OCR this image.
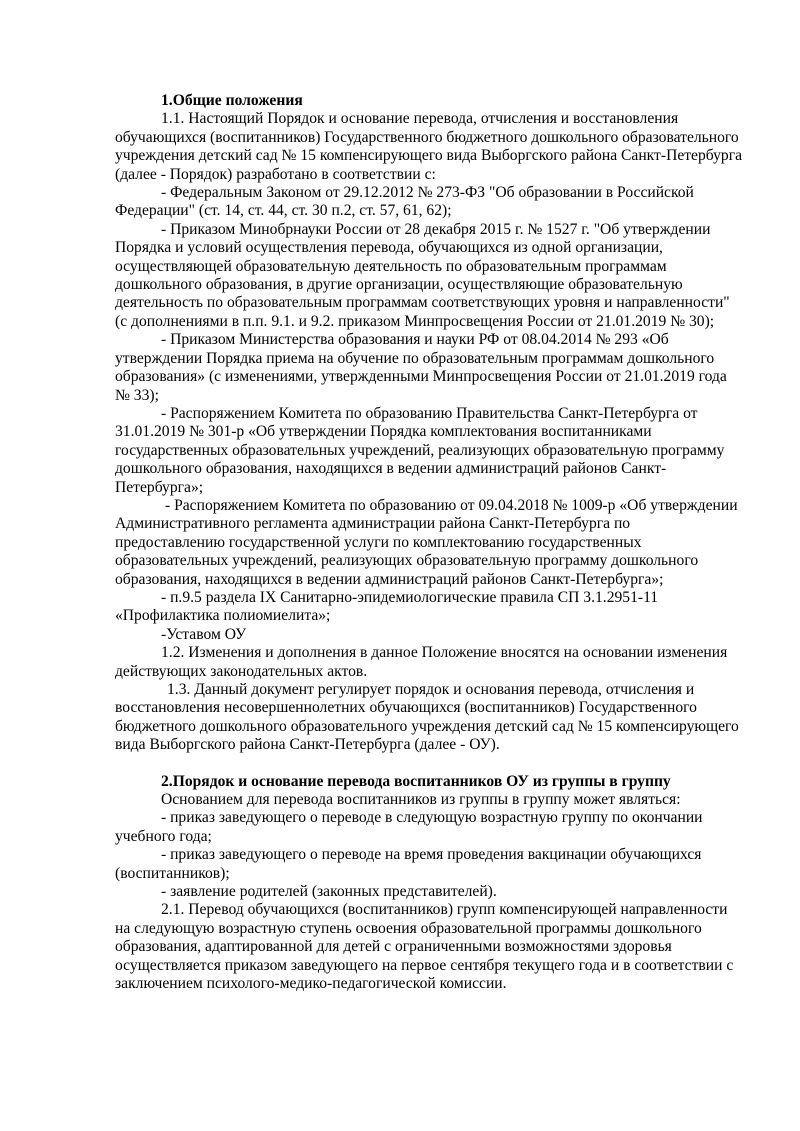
1.Общие положения

1.1. Настоящий Порядок и основание перевода, отчисления и восстановления обучающихся (воспитанников) Государственного бюджетного дошкольного образовательного учреждения детский сад № 15 компенсирующего вида Выборгского района Санкт-Петербурга (далее - Порядок) разработано в соответствии с:

- Федеральным Законом от 29.12.2012 № 273-ФЗ "Об образовании в Российской Федерации" (ст. 14, ст. 44, ст. 30 п.2, ст. 57, 61, 62);

- Приказом Минобрнауки России от 28 декабря 2015 г. № 1527 г. "Об утверждении Порядка и условий осуществления перевода, обучающихся из одной организации, осуществляющей образовательную деятельность по образовательным программам дошкольного образования, в другие организации, осуществляющие образовательную деятельность по образовательным программам соответствующих уровня и направленности" (с дополнениями в п.п. 9.1. и 9.2. приказом Минпросвещения России от 21.01.2019 № 30);

- Приказом Министерства образования и науки РФ от 08.04.2014 № 293 «Об утверждении Порядка приема на обучение по образовательным программам дошкольного образования» (с изменениями, утвержденными Минпросвещения России от 21.01.2019 года № 33);

- Распоряжением Комитета по образованию Правительства Санкт-Петербурга от 31.01.2019 № 301-р «Об утверждении Порядка комплектования воспитанниками государственных образовательных учреждений, реализующих образовательную программу дошкольного образования, находящихся в ведении администраций районов Санкт-Петербурга»;

- Распоряжением Комитета по образованию от 09.04.2018 № 1009-р «Об утверждении Административного регламента администрации района Санкт-Петербурга по предоставлению государственной услуги по комплектованию государственных образовательных учреждений, реализующих образовательную программу дошкольного образования, находящихся в ведении администраций районов Санкт-Петербурга»;

- п.9.5 раздела IX Санитарно-эпидемиологические правила СП 3.1.2951-11 «Профилактика полиомиелита»;

-Уставом ОУ

1.2. Изменения и дополнения в данное Положение вносятся на основании изменения действующих законодательных актов.

1.3. Данный документ регулирует порядок и основания перевода, отчисления и восстановления несовершеннолетних обучающихся (воспитанников) Государственного бюджетного дошкольного образовательного учреждения детский сад № 15 компенсирующего вида Выборгского района Санкт-Петербурга (далее - ОУ).

2.Порядок и основание перевода воспитанников ОУ из группы в группу

Основанием для перевода воспитанников из группы в группу может являться:

- приказ заведующего о переводе в следующую возрастную группу по окончании учебного года;

- приказ заведующего о переводе на время проведения вакцинации обучающихся (воспитанников);

- заявление родителей (законных представителей).

2.1. Перевод обучающихся (воспитанников) групп компенсирующей направленности на следующую возрастную ступень освоения образовательной программы дошкольного образования, адаптированной для детей с ограниченными возможностями здоровья осуществляется приказом заведующего на первое сентября текущего года и в соответствии с заключением психолого-медико-педагогической комиссии.
